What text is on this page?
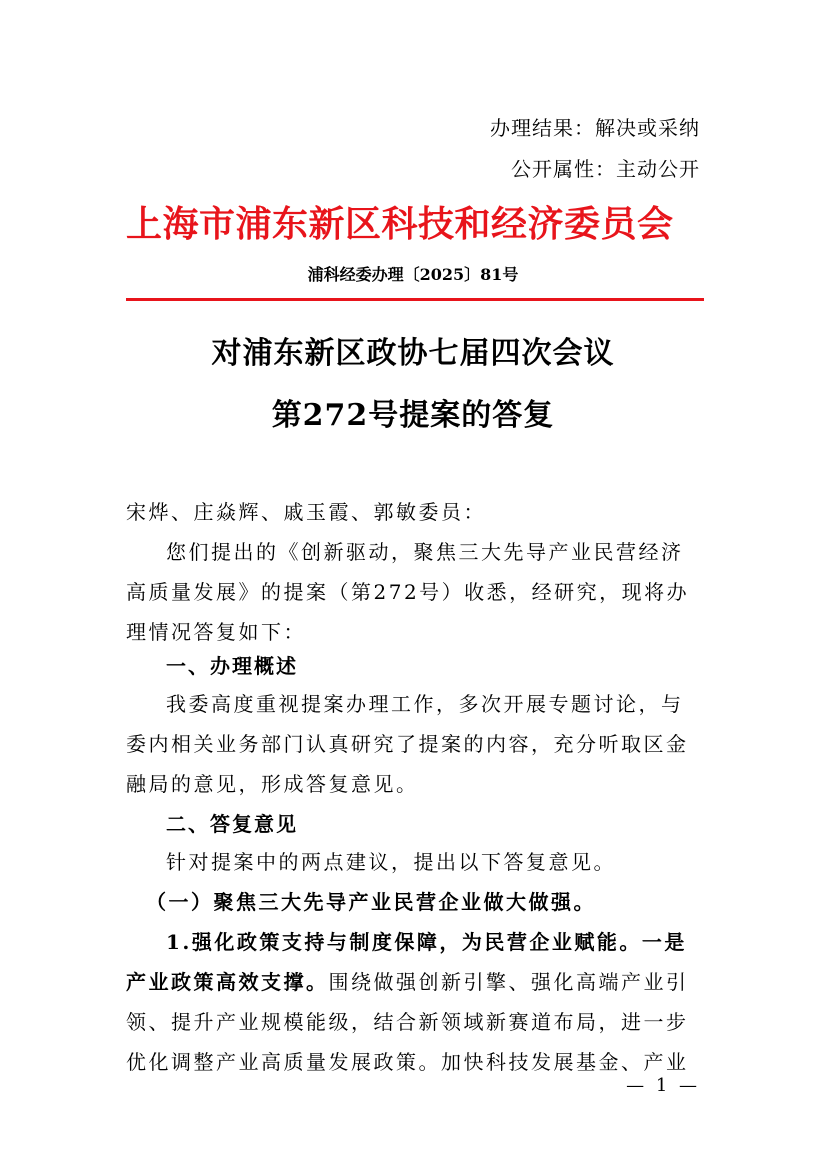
办理结果：解决或采纳
公开属性：主动公开
上海市浦东新区科技和经济委员会
浦科经委办理〔2025〕81号
对浦东新区政协七届四次会议
第272号提案的答复
宋烨、庄焱辉、戚玉霞、郭敏委员：
您们提出的《创新驱动，聚焦三大先导产业民营经济高质量发展》的提案（第272号）收悉，经研究，现将办理情况答复如下：
一、办理概述
我委高度重视提案办理工作，多次开展专题讨论，与委内相关业务部门认真研究了提案的内容，充分听取区金融局的意见，形成答复意见。
二、答复意见
针对提案中的两点建议，提出以下答复意见。
（一）聚焦三大先导产业民营企业做大做强。
1.强化政策支持与制度保障，为民营企业赋能。一是产业政策高效支撑。围绕做强创新引擎、强化高端产业引领、提升产业规模能级，结合新领域新赛道布局，进一步优化调整产业高质量发展政策。加快科技发展基金、产业
— 1 —
